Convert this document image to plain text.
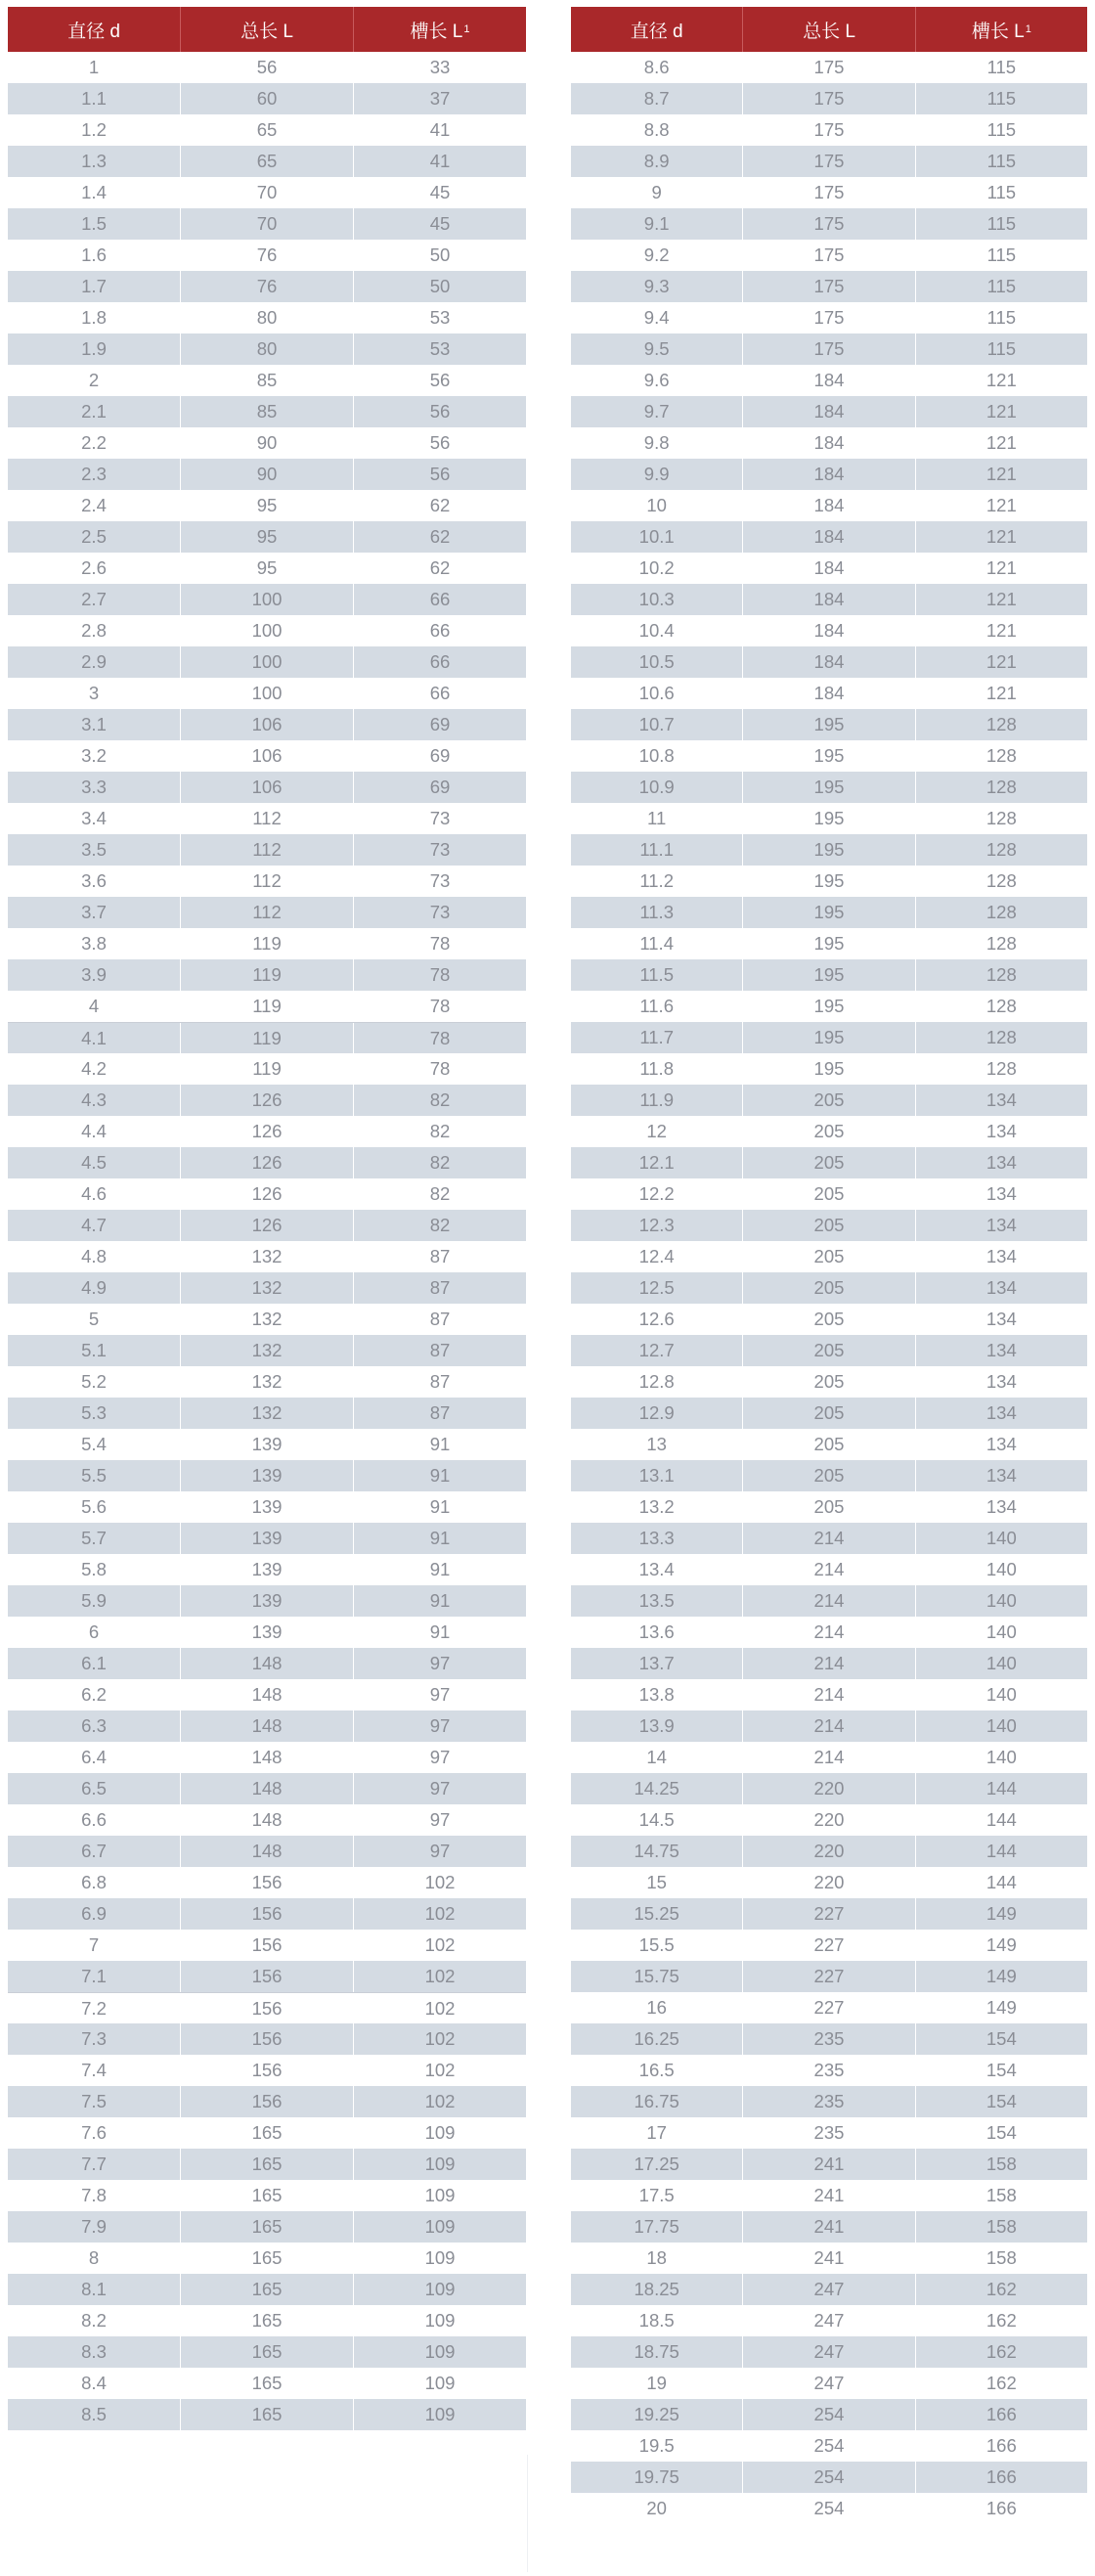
直径 d	总长 L	槽长 L 1
1	56	33
1.1	60	37
1.2	65	41
1.3	65	41
1.4	70	45
1.5	70	45
1.6	76	50
1.7	76	50
1.8	80	53
1.9	80	53
2	85	56
2.1	85	56
2.2	90	56
2.3	90	56
2.4	95	62
2.5	95	62
2.6	95	62
2.7	100	66
2.8	100	66
2.9	100	66
3	100	66
3.1	106	69
3.2	106	69
3.3	106	69
3.4	112	73
3.5	112	73
3.6	112	73
3.7	112	73
3.8	119	78
3.9	119	78
4	119	78
4.1	119	78
4.2	119	78
4.3	126	82
4.4	126	82
4.5	126	82
4.6	126	82
4.7	126	82
4.8	132	87
4.9	132	87
5	132	87
5.1	132	87
5.2	132	87
5.3	132	87
5.4	139	91
5.5	139	91
5.6	139	91
5.7	139	91
5.8	139	91
5.9	139	91
6	139	91
6.1	148	97
6.2	148	97
6.3	148	97
6.4	148	97
6.5	148	97
6.6	148	97
6.7	148	97
6.8	156	102
6.9	156	102
7	156	102
7.1	156	102
7.2	156	102
7.3	156	102
7.4	156	102
7.5	156	102
7.6	165	109
7.7	165	109
7.8	165	109
7.9	165	109
8	165	109
8.1	165	109
8.2	165	109
8.3	165	109
8.4	165	109
8.5	165	109
直径 d	总长 L	槽长 L 1
8.6	175	115
8.7	175	115
8.8	175	115
8.9	175	115
9	175	115
9.1	175	115
9.2	175	115
9.3	175	115
9.4	175	115
9.5	175	115
9.6	184	121
9.7	184	121
9.8	184	121
9.9	184	121
10	184	121
10.1	184	121
10.2	184	121
10.3	184	121
10.4	184	121
10.5	184	121
10.6	184	121
10.7	195	128
10.8	195	128
10.9	195	128
11	195	128
11.1	195	128
11.2	195	128
11.3	195	128
11.4	195	128
11.5	195	128
11.6	195	128
11.7	195	128
11.8	195	128
11.9	205	134
12	205	134
12.1	205	134
12.2	205	134
12.3	205	134
12.4	205	134
12.5	205	134
12.6	205	134
12.7	205	134
12.8	205	134
12.9	205	134
13	205	134
13.1	205	134
13.2	205	134
13.3	214	140
13.4	214	140
13.5	214	140
13.6	214	140
13.7	214	140
13.8	214	140
13.9	214	140
14	214	140
14.25	220	144
14.5	220	144
14.75	220	144
15	220	144
15.25	227	149
15.5	227	149
15.75	227	149
16	227	149
16.25	235	154
16.5	235	154
16.75	235	154
17	235	154
17.25	241	158
17.5	241	158
17.75	241	158
18	241	158
18.25	247	162
18.5	247	162
18.75	247	162
19	247	162
19.25	254	166
19.5	254	166
19.75	254	166
20	254	166
